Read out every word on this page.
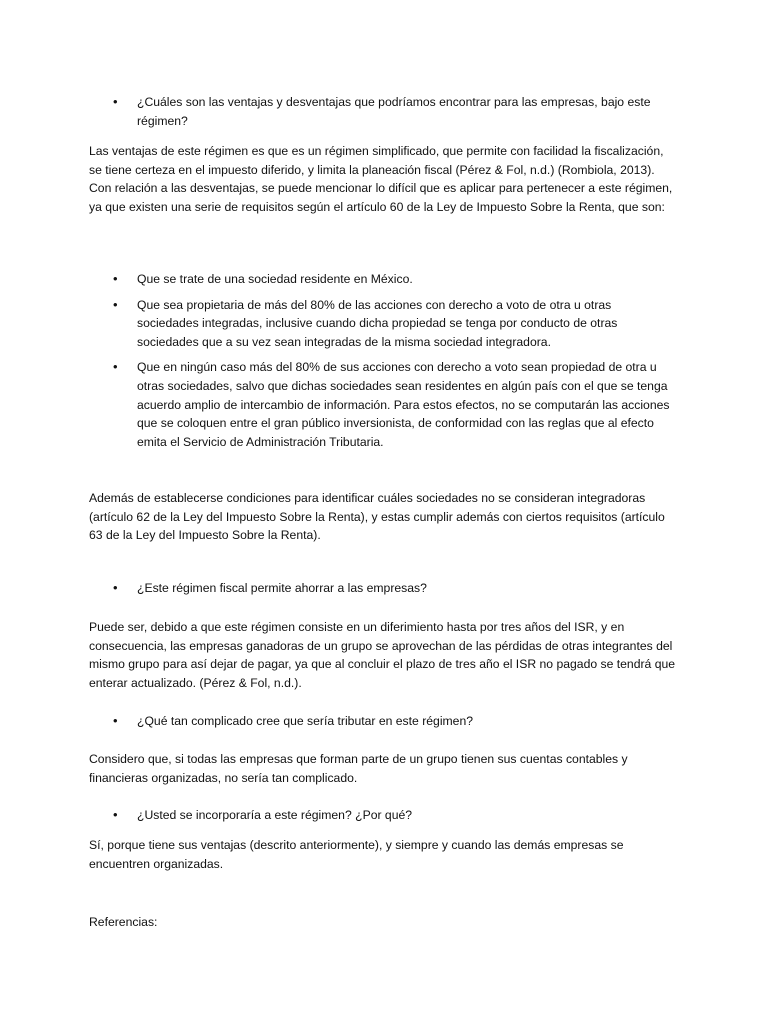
• ¿Cuáles son las ventajas y desventajas que podríamos encontrar para las empresas, bajo este régimen?

Las ventajas de este régimen es que es un régimen simplificado, que permite con facilidad la fiscalización, se tiene certeza en el impuesto diferido, y limita la planeación fiscal (Pérez & Fol, n.d.) (Rombiola, 2013). Con relación a las desventajas, se puede mencionar lo difícil que es aplicar para pertenecer a este régimen, ya que existen una serie de requisitos según el artículo 60 de la Ley de Impuesto Sobre la Renta, que son:

• Que se trate de una sociedad residente en México.
• Que sea propietaria de más del 80% de las acciones con derecho a voto de otra u otras sociedades integradas, inclusive cuando dicha propiedad se tenga por conducto de otras sociedades que a su vez sean integradas de la misma sociedad integradora.
• Que en ningún caso más del 80% de sus acciones con derecho a voto sean propiedad de otra u otras sociedades, salvo que dichas sociedades sean residentes en algún país con el que se tenga acuerdo amplio de intercambio de información. Para estos efectos, no se computarán las acciones que se coloquen entre el gran público inversionista, de conformidad con las reglas que al efecto emita el Servicio de Administración Tributaria.

Además de establecerse condiciones para identificar cuáles sociedades no se consideran integradoras (artículo 62 de la Ley del Impuesto Sobre la Renta), y estas cumplir además con ciertos requisitos (artículo 63 de la Ley del Impuesto Sobre la Renta).

• ¿Este régimen fiscal permite ahorrar a las empresas?

Puede ser, debido a que este régimen consiste en un diferimiento hasta por tres años del ISR, y en consecuencia, las empresas ganadoras de un grupo se aprovechan de las pérdidas de otras integrantes del mismo grupo para así dejar de pagar, ya que al concluir el plazo de tres año el ISR no pagado se tendrá que enterar actualizado. (Pérez & Fol, n.d.).

• ¿Qué tan complicado cree que sería tributar en este régimen?

Considero que, si todas las empresas que forman parte de un grupo tienen sus cuentas contables y financieras organizadas, no sería tan complicado.

• ¿Usted se incorporaría a este régimen? ¿Por qué?

Sí, porque tiene sus ventajas (descrito anteriormente), y siempre y cuando las demás empresas se encuentren organizadas.

Referencias:
